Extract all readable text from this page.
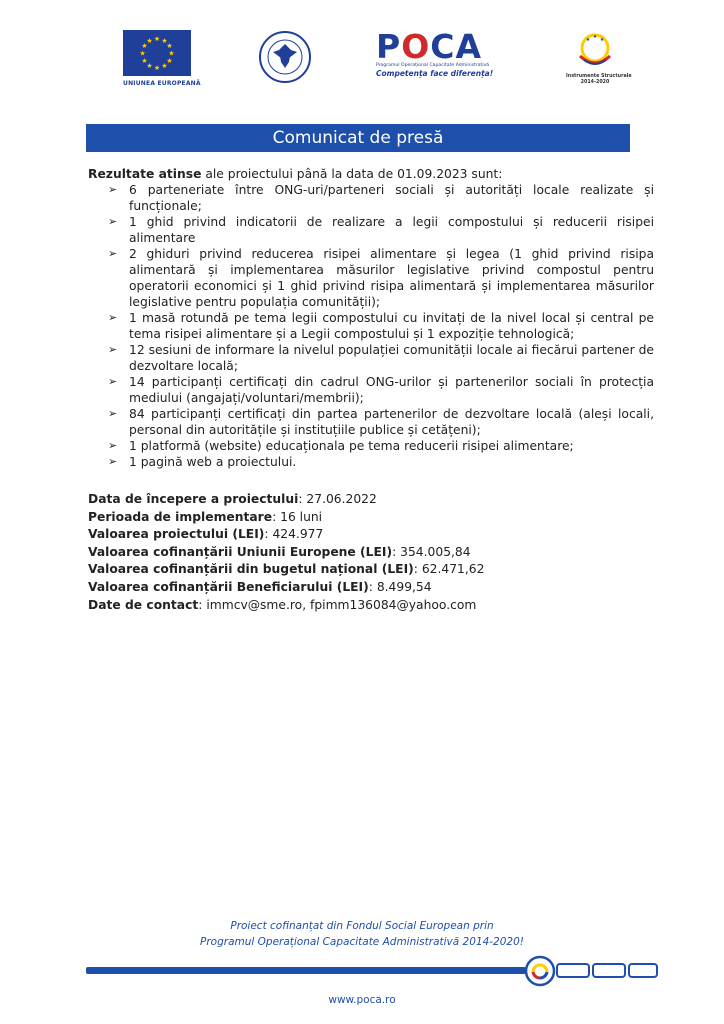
★ ★
★
★
★
★
★
★
★
★
★
★
UNIUNEA EUROPEANĂ
POCA
Programul Operațional Capacitate Administrativă
Competența face diferența!
★
★ ★
Instrumente Structurale
2014-2020
Comunicat de presă
Rezultate atinse ale proiectului până la data de 01.09.2023 sunt:
➢ 6 parteneriate între ONG-uri/parteneri sociali și autorități locale realizate și funcționale;
➢ 1 ghid privind indicatorii de realizare a legii compostului și reducerii risipei alimentare
➢ 2 ghiduri privind reducerea risipei alimentare și legea (1 ghid privind risipa alimentară și implementarea măsurilor legislative privind compostul pentru operatorii economici și 1 ghid privind risipa alimentară și implementarea măsurilor legislative pentru populația comunității);
➢ 1 masă rotundă pe tema legii compostului cu invitați de la nivel local și central pe tema risipei alimentare și a Legii compostului și 1 expoziție tehnologică;
➢ 12 sesiuni de informare la nivelul populației comunității locale ai fiecărui partener de dezvoltare locală;
➢ 14 participanți certificați din cadrul ONG-urilor și partenerilor sociali în protecția mediului (angajați/voluntari/membrii);
➢ 84 participanți certificați din partea partenerilor de dezvoltare locală (aleși locali, personal din autoritățile și instituțiile publice și cetățeni);
➢ 1 platformă (website) educaționala pe tema reducerii risipei alimentare;
➢ 1 pagină web a proiectului.
Data de începere a proiectului: 27.06.2022
Perioada de implementare: 16 luni
Valoarea proiectului (LEI): 424.977
Valoarea cofinanțării Uniunii Europene (LEI): 354.005,84
Valoarea cofinanțării din bugetul național (LEI): 62.471,62
Valoarea cofinanțării Beneficiarului (LEI): 8.499,54
Date de contact: immcv@sme.ro, fpimm136084@yahoo.com
Proiect cofinanțat din Fondul Social European prin
Programul Operațional Capacitate Administrativă 2014-2020!
www.poca.ro
